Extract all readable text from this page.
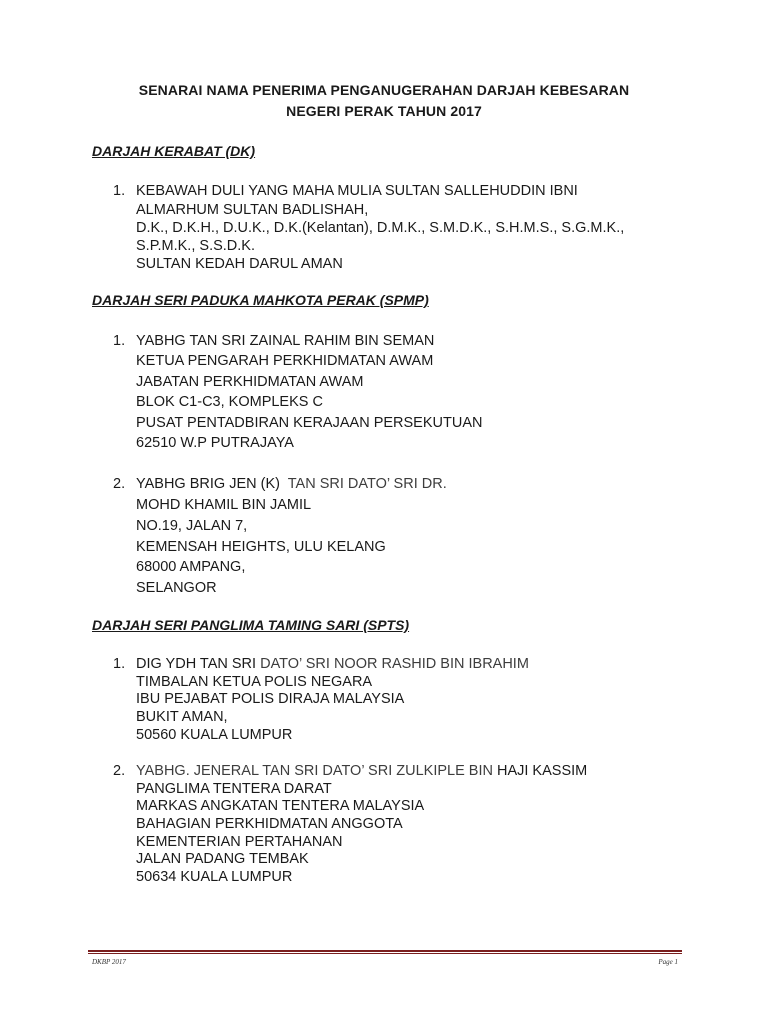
SENARAI NAMA PENERIMA PENGANUGERAHAN DARJAH KEBESARAN
NEGERI PERAK TAHUN 2017
DARJAH KERABAT (DK)
1. KEBAWAH DULI YANG MAHA MULIA SULTAN SALLEHUDDIN IBNI
ALMARHUM SULTAN BADLISHAH,
D.K., D.K.H., D.U.K., D.K.(Kelantan), D.M.K., S.M.D.K., S.H.M.S., S.G.M.K.,
S.P.M.K., S.S.D.K.
SULTAN KEDAH DARUL AMAN
DARJAH SERI PADUKA MAHKOTA PERAK (SPMP)
1. YABHG TAN SRI ZAINAL RAHIM BIN SEMAN
KETUA PENGARAH PERKHIDMATAN AWAM
JABATAN PERKHIDMATAN AWAM
BLOK C1-C3, KOMPLEKS C
PUSAT PENTADBIRAN KERAJAAN PERSEKUTUAN
62510 W.P PUTRAJAYA
2. YABHG BRIG JEN (K) TAN SRI DATO’ SRI DR.
MOHD KHAMIL BIN JAMIL
NO.19, JALAN 7,
KEMENSAH HEIGHTS, ULU KELANG
68000 AMPANG,
SELANGOR
DARJAH SERI PANGLIMA TAMING SARI (SPTS)
1. DIG YDH TAN SRI DATO’ SRI NOOR RASHID BIN IBRAHIM
TIMBALAN KETUA POLIS NEGARA
IBU PEJABAT POLIS DIRAJA MALAYSIA
BUKIT AMAN,
50560 KUALA LUMPUR
2. YABHG. JENERAL TAN SRI DATO’ SRI ZULKIPLE BIN HAJI KASSIM
PANGLIMA TENTERA DARAT
MARKAS ANGKATAN TENTERA MALAYSIA
BAHAGIAN PERKHIDMATAN ANGGOTA
KEMENTERIAN PERTAHANAN
JALAN PADANG TEMBAK
50634 KUALA LUMPUR
DKBP 2017	Page 1
